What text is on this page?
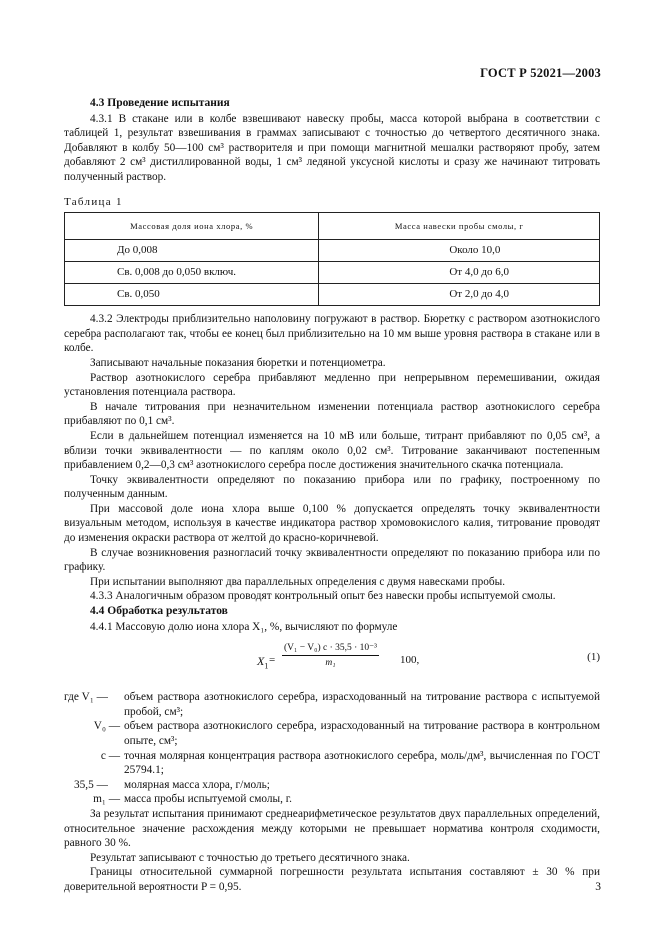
ГОСТ Р 52021—2003
4.3 Проведение испытания

4.3.1 В стакане или в колбе взвешивают навеску пробы, масса которой выбрана в соответствии с таблицей 1, результат взвешивания в граммах записывают с точностью до четвертого десятичного знака. Добавляют в колбу 50—100 см³ растворителя и при помощи магнитной мешалки растворяют пробу, затем добавляют 2 см³ дистиллированной воды, 1 см³ ледяной уксусной кислоты и сразу же начинают титровать полученный раствор.

Таблица 1
Массовая доля иона хлора, %	Масса навески пробы смолы, г
До 0,008	Около 10,0
Св. 0,008 до 0,050 включ.	От 4,0 до 6,0
Св. 0,050	От 2,0 до 4,0

4.3.2 Электроды приблизительно наполовину погружают в раствор. Бюретку с раствором азотнокислого серебра располагают так, чтобы ее конец был приблизительно на 10 мм выше уровня раствора в стакане или в колбе.

Записывают начальные показания бюретки и потенциометра.

Раствор азотнокислого серебра прибавляют медленно при непрерывном перемешивании, ожидая установления потенциала раствора.

В начале титрования при незначительном изменении потенциала раствор азотнокислого серебра прибавляют по 0,1 см³.

Если в дальнейшем потенциал изменяется на 10 мВ или больше, титрант прибавляют по 0,05 см³, а вблизи точки эквивалентности — по каплям около 0,02 см³. Титрование заканчивают постепенным прибавлением 0,2—0,3 см³ азотнокислого серебра после достижения значительного скачка потенциала.

Точку эквивалентности определяют по показанию прибора или по графику, построенному по полученным данным.

При массовой доле иона хлора выше 0,100 % допускается определять точку эквивалентности визуальным методом, используя в качестве индикатора раствор хромовокислого калия, титрование проводят до изменения окраски раствора от желтой до красно-коричневой.

В случае возникновения разногласий точку эквивалентности определяют по показанию прибора или по графику.

При испытании выполняют два параллельных определения с двумя навесками пробы.

4.3.3 Аналогичным образом проводят контрольный опыт без навески пробы испытуемой смолы.

4.4 Обработка результатов

4.4.1 Массовую долю иона хлора X₁, %, вычисляют по формуле

$X_1 = \frac{\text{(V₁ − V₀) c · 35,5 · 10⁻³}}{\text{m₁}} 100$,	(1)
где V₁ —	объем раствора азотнокислого серебра, израсходованный на титрование раствора с испытуемой пробой, см³;
V₀ — объем раствора азотнокислого серебра, израсходованный на титрование раствора в контрольном опыте, см³;
c — точная молярная концентрация раствора азотнокислого серебра, моль/дм³, вычисленная по ГОСТ 25794.1;
35,5 —	молярная масса хлора, г/моль;
m₁ — масса пробы испытуемой смолы, г.

За результат испытания принимают среднеарифметическое результатов двух параллельных определений, относительное значение расхождения между которыми не превышает норматива контроля сходимости, равного 30 %.

Результат записывают с точностью до третьего десятичного знака.

Границы относительной суммарной погрешности результата испытания составляют ± 30 % при доверительной вероятности P = 0,95.	3
